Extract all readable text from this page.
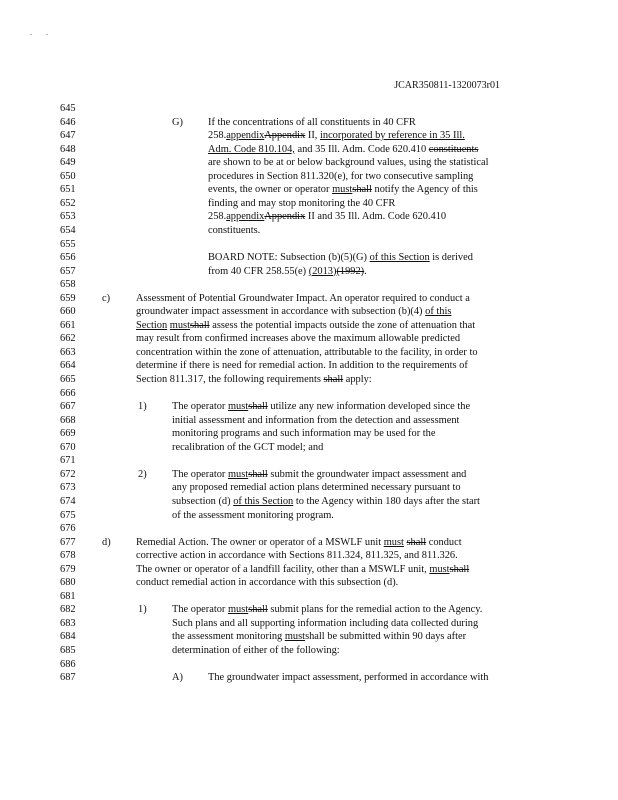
. .
JCAR350811-1320073r01
645
646	G) If the concentrations of all constituents in 40 CFR
647	258.appendixAppendix II, incorporated by reference in 35 Ill.
648	Adm. Code 810.104, and 35 Ill. Adm. Code 620.410 constituents
649	are shown to be at or below background values, using the statistical
650	procedures in Section 811.320(e), for two consecutive sampling
651	events, the owner or operator mustshall notify the Agency of this
652	finding and may stop monitoring the 40 CFR
653	258.appendixAppendix II and 35 Ill. Adm. Code 620.410
654	constituents.
655
656	BOARD NOTE: Subsection (b)(5)(G) of this Section is derived
657	from 40 CFR 258.55(e) (2013)(1992).
658
659	c) Assessment of Potential Groundwater Impact. An operator required to conduct a
660	groundwater impact assessment in accordance with subsection (b)(4) of this
661	Section mustshall assess the potential impacts outside the zone of attenuation that
662	may result from confirmed increases above the maximum allowable predicted
663	concentration within the zone of attenuation, attributable to the facility, in order to
664	determine if there is need for remedial action. In addition to the requirements of
665	Section 811.317, the following requirements shall apply:
666
667	1) The operator mustshall utilize any new information developed since the
668	initial assessment and information from the detection and assessment
669	monitoring programs and such information may be used for the
670	recalibration of the GCT model; and
671
672	2) The operator mustshall submit the groundwater impact assessment and
673	any proposed remedial action plans determined necessary pursuant to
674	subsection (d) of this Section to the Agency within 180 days after the start
675	of the assessment monitoring program.
676
677	d) Remedial Action. The owner or operator of a MSWLF unit must shall conduct
678	corrective action in accordance with Sections 811.324, 811.325, and 811.326.
679	The owner or operator of a landfill facility, other than a MSWLF unit, mustshall
680	conduct remedial action in accordance with this subsection (d).
681
682	1) The operator mustshall submit plans for the remedial action to the Agency.
683	Such plans and all supporting information including data collected during
684	the assessment monitoring mustshall be submitted within 90 days after
685	determination of either of the following:
686
687	A) The groundwater impact assessment, performed in accordance with
